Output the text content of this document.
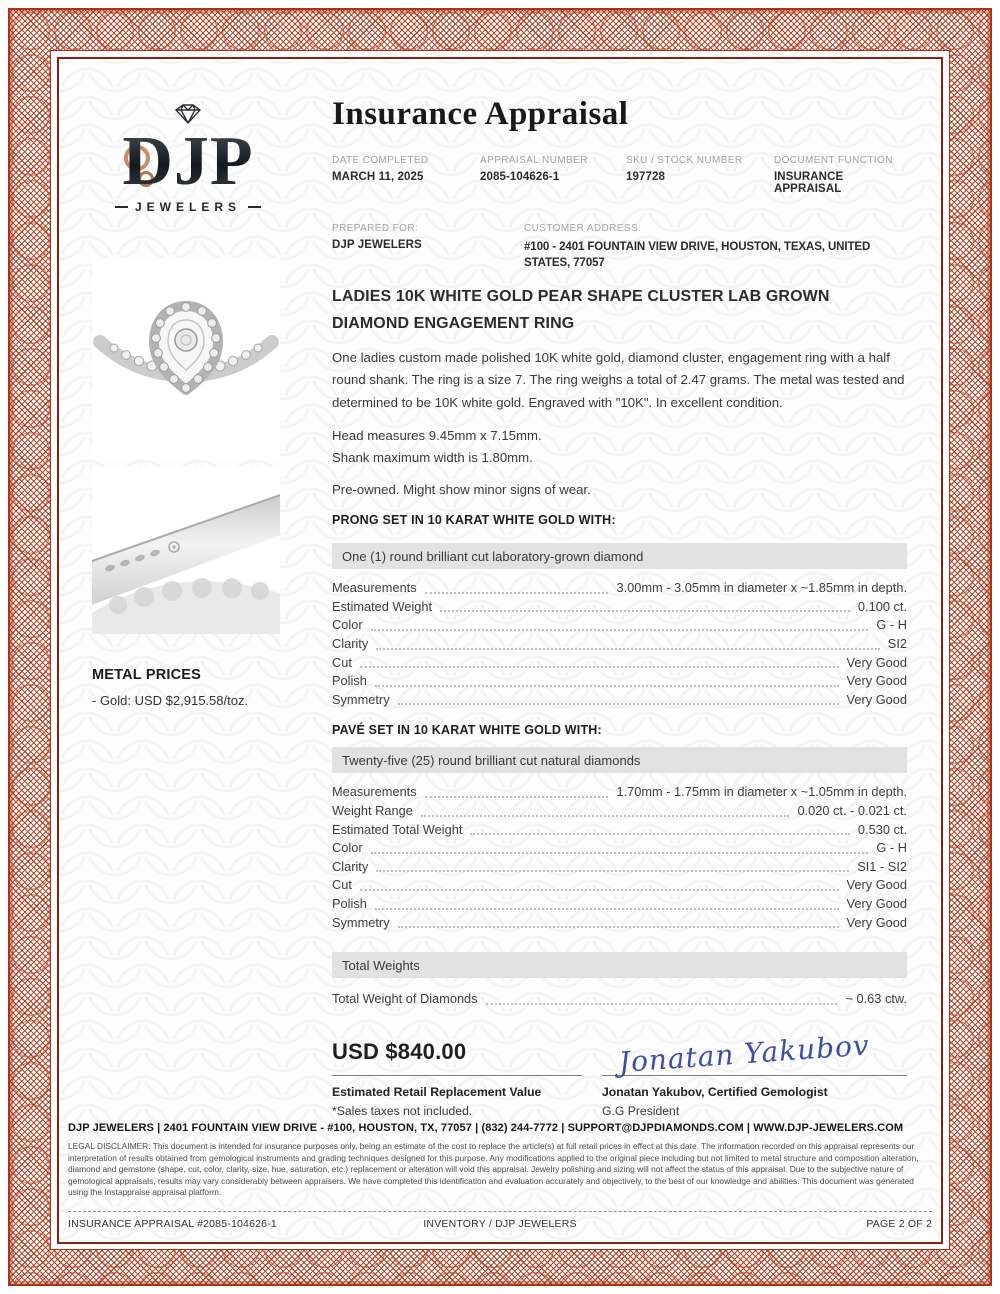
DJP
JEWELERS
METAL PRICES
- Gold: USD $2,915.58/toz.
Insurance Appraisal
DATE COMPLETED
MARCH 11, 2025
APPRAISAL NUMBER
2085-104626-1
SKU / STOCK NUMBER
197728
DOCUMENT FUNCTION
INSURANCE APPRAISAL
PREPARED FOR:
DJP JEWELERS
CUSTOMER ADDRESS:
#100 - 2401 FOUNTAIN VIEW DRIVE, HOUSTON, TEXAS, UNITED STATES, 77057
LADIES 10K WHITE GOLD PEAR SHAPE CLUSTER LAB GROWN DIAMOND ENGAGEMENT RING
One ladies custom made polished 10K white gold, diamond cluster, engagement ring with a half round shank. The ring is a size 7. The ring weighs a total of 2.47 grams. The metal was tested and determined to be 10K white gold. Engraved with "10K". In excellent condition.
Head measures 9.45mm x 7.15mm.
Shank maximum width is 1.80mm.
Pre-owned. Might show minor signs of wear.
PRONG SET IN 10 KARAT WHITE GOLD WITH:
One (1) round brilliant cut laboratory-grown diamond
Measurements	3.00mm - 3.05mm in diameter x ~1.85mm in depth.
Estimated Weight	0.100 ct.
Color	G - H
Clarity	SI2
Cut	Very Good
Polish	Very Good
Symmetry	Very Good
PAVÉ SET IN 10 KARAT WHITE GOLD WITH:
Twenty-five (25) round brilliant cut natural diamonds
Measurements	1.70mm - 1.75mm in diameter x ~1.05mm in depth.
Weight Range	0.020 ct. - 0.021 ct.
Estimated Total Weight	0.530 ct.
Color	G - H
Clarity	SI1 - SI2
Cut	Very Good
Polish	Very Good
Symmetry	Very Good
Total Weights
Total Weight of Diamonds	~ 0.63 ctw.
USD $840.00
Estimated Retail Replacement Value
*Sales taxes not included.
Jonatan Yakubov
Jonatan Yakubov, Certified Gemologist
G.G President
DJP JEWELERS | 2401 FOUNTAIN VIEW DRIVE - #100, HOUSTON, TX, 77057 | (832) 244-7772 | SUPPORT@DJPDIAMONDS.COM | WWW.DJP-JEWELERS.COM
LEGAL DISCLAIMER: This document is intended for insurance purposes only, being an estimate of the cost to replace the article(s) at full retail prices in effect at this date. The information recorded on this appraisal represents our interpretation of results obtained from gemological instruments and grading techniques designed for this purpose. Any modifications applied to the original piece including but not limited to metal structure and composition alteration, diamond and gemstone (shape, cut, color, clarity, size, hue, saturation, etc.) replacement or alteration will void this appraisal. Jewelry polishing and sizing will not affect the status of this appraisal. Due to the subjective nature of gemological appraisals, results may vary considerably between appraisers. We have completed this identification and evaluation accurately and objectively, to the best of our knowledge and abilities. This document was generated using the Instappraise appraisal platform.
INSURANCE APPRAISAL #2085-104626-1	INVENTORY / DJP JEWELERS	PAGE 2 OF 2
